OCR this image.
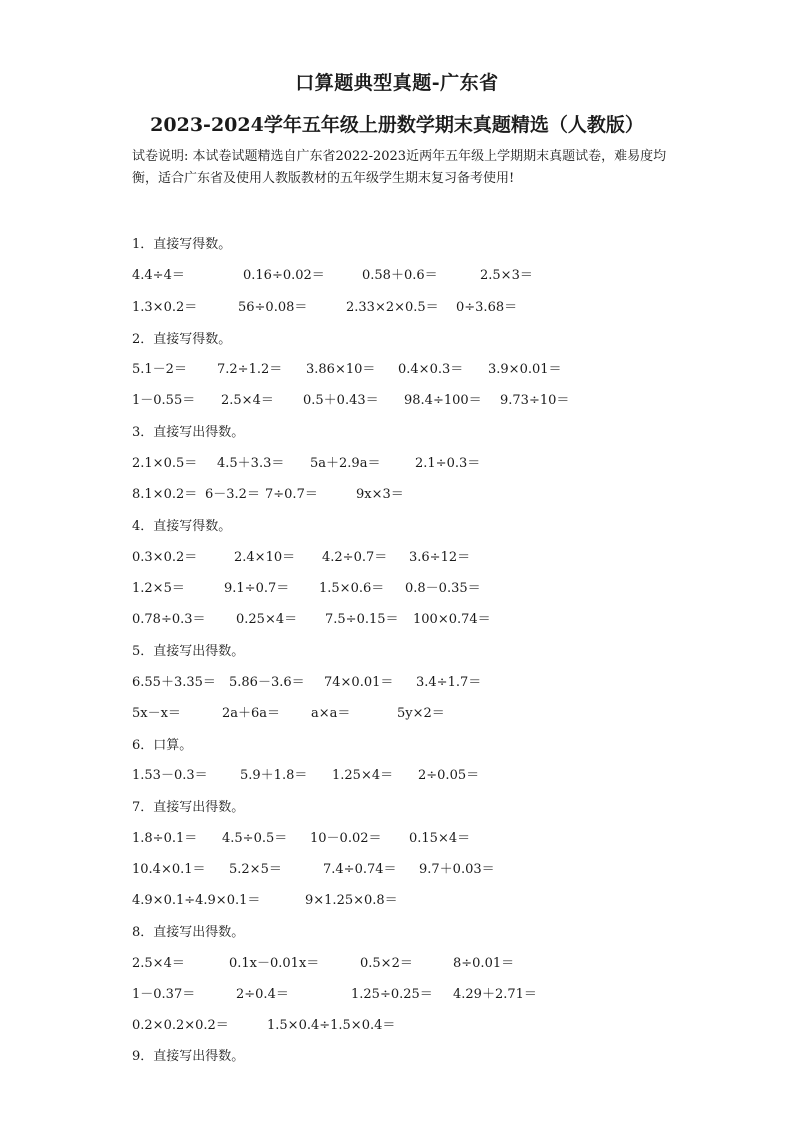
口算题典型真题-广东省
2023-2024学年五年级上册数学期末真题精选（人教版）
试卷说明: 本试卷试题精选自广东省2022-2023近两年五年级上学期期末真题试卷，难易度均衡，适合广东省及使用人教版教材的五年级学生期末复习备考使用!
1．直接写得数。
4.4÷4＝	0.16÷0.02＝	0.58＋0.6＝	2.5×3＝
1.3×0.2＝	56÷0.08＝	2.33×2×0.5＝ 0÷3.68＝
2．直接写得数。
5.1－2＝ 7.2÷1.2＝ 3.86×10＝ 0.4×0.3＝ 3.9×0.01＝
1－0.55＝ 2.5×4＝ 0.5＋0.43＝ 98.4÷100＝ 9.73÷10＝
3．直接写出得数。
2.1×0.5＝ 4.5＋3.3＝ 5a＋2.9a＝	2.1÷0.3＝
8.1×0.2＝ 6－3.2＝ 7÷0.7＝	9x×3＝
4．直接写得数。
0.3×0.2＝	2.4×10＝ 4.2÷0.7＝ 3.6÷12＝
1.2×5＝	9.1÷0.7＝ 1.5×0.6＝ 0.8－0.35＝
0.78÷0.3＝ 0.25×4＝ 7.5÷0.15＝ 100×0.74＝
5．直接写出得数。
6.55＋3.35＝ 5.86－3.6＝ 74×0.01＝ 3.4÷1.7＝
5x－x＝	2a＋6a＝ a×a＝	5y×2＝
6．口算。
1.53－0.3＝ 5.9＋1.8＝ 1.25×4＝ 2÷0.05＝
7．直接写出得数。
1.8÷0.1＝ 4.5÷0.5＝ 10－0.02＝ 0.15×4＝
10.4×0.1＝ 5.2×5＝	7.4÷0.74＝ 9.7＋0.03＝
4.9×0.1÷4.9×0.1＝	9×1.25×0.8＝
8．直接写出得数。
2.5×4＝	0.1x－0.01x＝	0.5×2＝	8÷0.01＝
1－0.37＝	2÷0.4＝	1.25÷0.25＝ 4.29＋2.71＝
0.2×0.2×0.2＝	1.5×0.4÷1.5×0.4＝
9．直接写出得数。
